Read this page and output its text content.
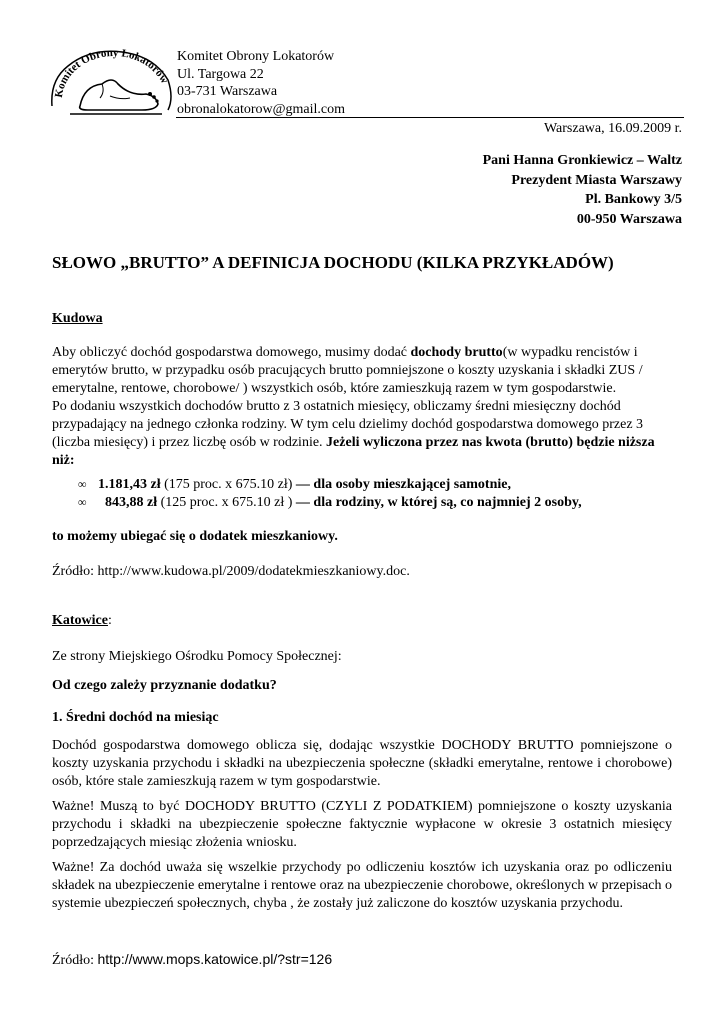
Komitet Obrony Lokatorów
Komitet Obrony Lokatorów
Ul. Targowa 22
03-731 Warszawa
obronalokatorow@gmail.com
Warszawa, 16.09.2009 r.
Pani Hanna Gronkiewicz – Waltz
Prezydent Miasta Warszawy
Pl. Bankowy 3/5
00-950 Warszawa
SŁOWO „BRUTTO” A DEFINICJA DOCHODU (KILKA PRZYKŁADÓW)
Kudowa
Aby obliczyć dochód gospodarstwa domowego, musimy dodać dochody brutto(w wypadku rencistów i emerytów brutto, w przypadku osób pracujących brutto pomniejszone o koszty uzyskania i składki ZUS / emerytalne, rentowe, chorobowe/ ) wszystkich osób, które zamieszkują razem w tym gospodarstwie.
Po dodaniu wszystkich dochodów brutto z 3 ostatnich miesięcy, obliczamy średni miesięczny dochód przypadający na jednego członka rodziny. W tym celu dzielimy dochód gospodarstwa domowego przez 3 (liczba miesięcy) i przez liczbę osób w rodzinie. Jeżeli wyliczona przez nas kwota (brutto) będzie niższa niż:
∞ 1.181,43 zł (175 proc. x 675.10 zł) — dla osoby mieszkającej samotnie,
∞  843,88 zł (125 proc. x 675.10 zł ) — dla rodziny, w której są, co najmniej 2 osoby,
to możemy ubiegać się o dodatek mieszkaniowy.
Źródło: http://www.kudowa.pl/2009/dodatekmieszkaniowy.doc.
Katowice:
Ze strony Miejskiego Ośrodku Pomocy Społecznej:
Od czego zależy przyznanie dodatku?
1. Średni dochód na miesiąc
Dochód gospodarstwa domowego oblicza się, dodając wszystkie DOCHODY BRUTTO pomniejszone o koszty uzyskania przychodu i składki na ubezpieczenia społeczne (składki emerytalne, rentowe i chorobowe) osób, które stale zamieszkują razem w tym gospodarstwie.
Ważne! Muszą to być DOCHODY BRUTTO (CZYLI Z PODATKIEM) pomniejszone o koszty uzyskania przychodu i składki na ubezpieczenie społeczne faktycznie wypłacone w okresie 3 ostatnich miesięcy poprzedzających miesiąc złożenia wniosku.
Ważne! Za dochód uważa się wszelkie przychody po odliczeniu kosztów ich uzyskania oraz po odliczeniu składek na ubezpieczenie emerytalne i rentowe oraz na ubezpieczenie chorobowe, określonych w przepisach o systemie ubezpieczeń społecznych, chyba , że zostały już zaliczone do kosztów uzyskania przychodu.
Źródło: http://www.mops.katowice.pl/?str=126
